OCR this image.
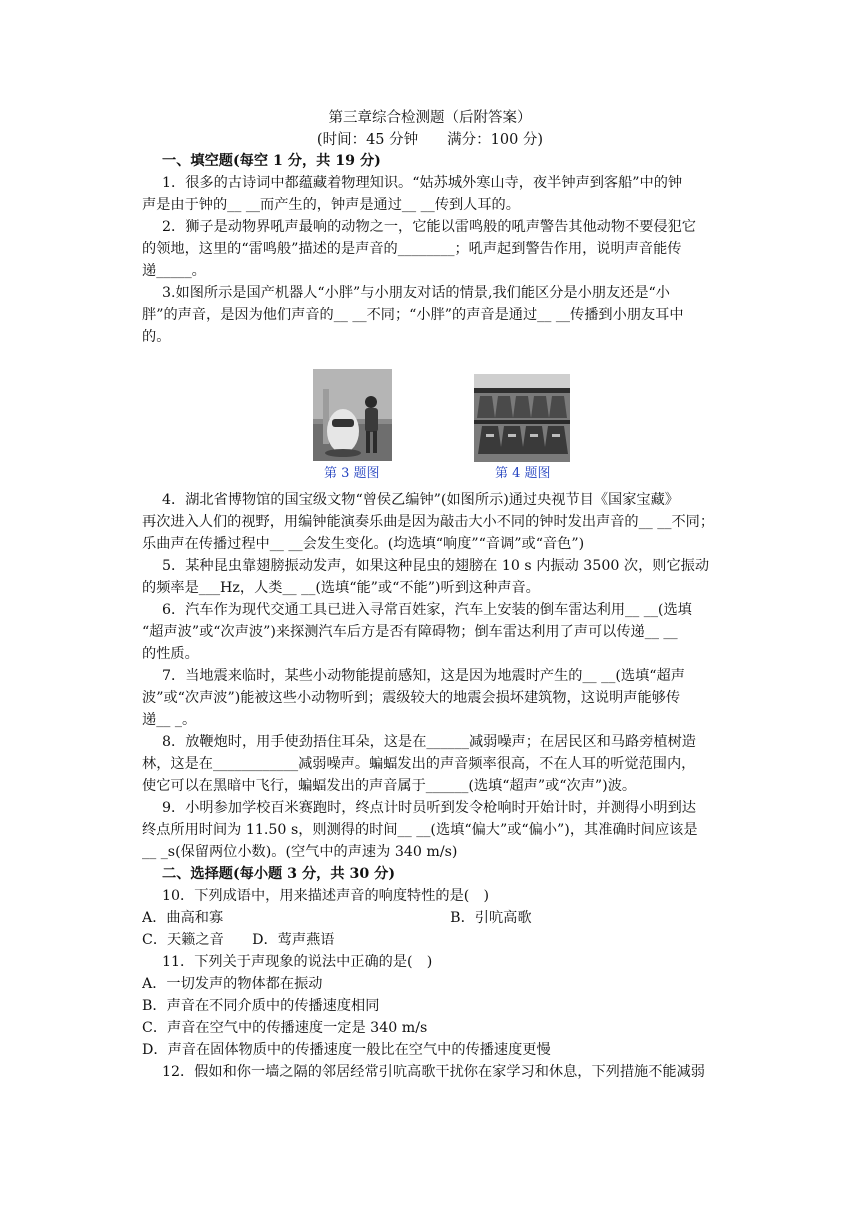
第三章综合检测题（后附答案）
(时间：45 分钟　　满分：100 分)
一、填空题(每空 1 分，共 19 分)
1．很多的古诗词中都蕴藏着物理知识。“姑苏城外寒山寺，夜半钟声到客船”中的钟
声是由于钟的__ __而产生的，钟声是通过__ __传到人耳的。
2．狮子是动物界吼声最响的动物之一，它能以雷鸣般的吼声警告其他动物不要侵犯它
的领地，这里的“雷鸣般”描述的是声音的________；吼声起到警告作用，说明声音能传
递_____。
3.如图所示是国产机器人“小胖”与小朋友对话的情景,我们能区分是小朋友还是“小
胖”的声音，是因为他们声音的__ __不同；“小胖”的声音是通过__ __传播到小朋友耳中
的。
4．湖北省博物馆的国宝级文物“曾侯乙编钟”(如图所示)通过央视节目《国家宝藏》
再次进入人们的视野，用编钟能演奏乐曲是因为敲击大小不同的钟时发出声音的__ __不同；
乐曲声在传播过程中__ __会发生变化。(均选填“响度”“音调”或“音色”)
5．某种昆虫靠翅膀振动发声，如果这种昆虫的翅膀在 10 s 内振动 3500 次，则它振动
的频率是___Hz，人类__ __(选填“能”或“不能”)听到这种声音。
6．汽车作为现代交通工具已进入寻常百姓家，汽车上安装的倒车雷达利用__ __(选填
“超声波”或“次声波”)来探测汽车后方是否有障碍物；倒车雷达利用了声可以传递__ __
的性质。
7．当地震来临时，某些小动物能提前感知，这是因为地震时产生的__ __(选填“超声
波”或“次声波”)能被这些小动物听到；震级较大的地震会损坏建筑物，这说明声能够传
递__ _。
8．放鞭炮时，用手使劲捂住耳朵，这是在______减弱噪声；在居民区和马路旁植树造
林，这是在____________减弱噪声。蝙蝠发出的声音频率很高，不在人耳的听觉范围内，
使它可以在黑暗中飞行，蝙蝠发出的声音属于______(选填“超声”或“次声”)波。
9．小明参加学校百米赛跑时，终点计时员听到发令枪响时开始计时，并测得小明到达
终点所用时间为 11.50 s，则测得的时间__ __(选填“偏大”或“偏小”)，其准确时间应该是
__ _s(保留两位小数)。(空气中的声速为 340 m/s)
二、选择题(每小题 3 分，共 30 分)
10．下列成语中，用来描述声音的响度特性的是(　)
A．曲高和寡　　　　　　　　　　　　　　　　B．引吭高歌
C．天籁之音　　D．莺声燕语
11．下列关于声现象的说法中正确的是(　)
A．一切发声的物体都在振动
B．声音在不同介质中的传播速度相同
C．声音在空气中的传播速度一定是 340 m/s
D．声音在固体物质中的传播速度一般比在空气中的传播速度更慢
12．假如和你一墙之隔的邻居经常引吭高歌干扰你在家学习和休息，下列措施不能减弱
第 3 题图	第 4 题图
